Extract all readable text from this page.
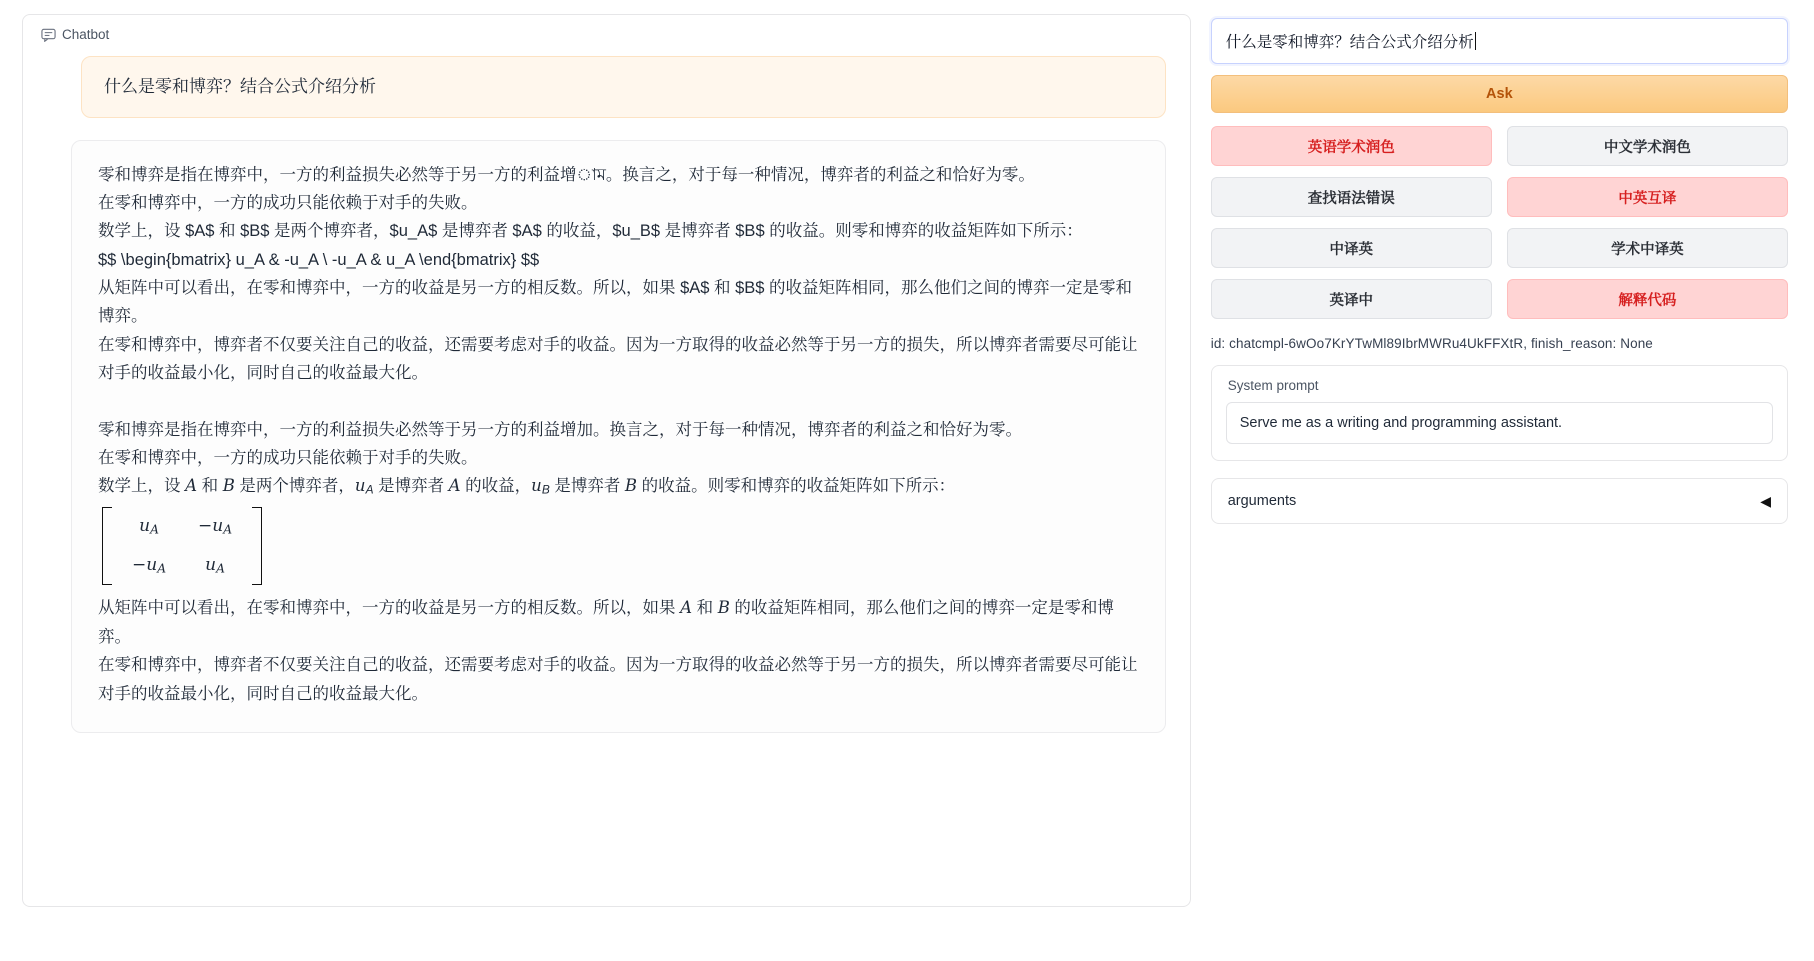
Chatbot
什么是零和博弈？结合公式介绍分析

零和博弈是指在博弈中，一方的利益损失必然等于另一方的利益增াম。换言之，对于每一种情况，博弈者的利益之和恰好为零。

在零和博弈中，一方的成功只能依赖于对手的失败。

数学上，设 $A$ 和 $B$ 是两个博弈者，$u_A$ 是博弈者 $A$ 的收益，$u_B$ 是博弈者 $B$ 的收益。则零和博弈的收益矩阵如下所示：

$$ \begin{bmatrix} u_A & -u_A \ -u_A & u_A \end{bmatrix} $$

从矩阵中可以看出，在零和博弈中，一方的收益是另一方的相反数。所以，如果 $A$ 和 $B$ 的收益矩阵相同，那么他们之间的博弈一定是零和博弈。

在零和博弈中，博弈者不仅要关注自己的收益，还需要考虑对手的收益。因为一方取得的收益必然等于另一方的损失，所以博弈者需要尽可能让对手的收益最小化，同时自己的收益最大化。

零和博弈是指在博弈中，一方的利益损失必然等于另一方的利益增加。换言之，对于每一种情况，博弈者的利益之和恰好为零。

在零和博弈中，一方的成功只能依赖于对手的失败。

数学上，设 A 和 B 是两个博弈者，uA 是博弈者 A 的收益，uB 是博弈者 B 的收益。则零和博弈的收益矩阵如下所示：

uA	−uA
−uA	uA

从矩阵中可以看出，在零和博弈中，一方的收益是另一方的相反数。所以，如果 A 和 B 的收益矩阵相同，那么他们之间的博弈一定是零和博弈。

在零和博弈中，博弈者不仅要关注自己的收益，还需要考虑对手的收益。因为一方取得的收益必然等于另一方的损失，所以博弈者需要尽可能让对手的收益最小化，同时自己的收益最大化。

什么是零和博弈？结合公式介绍分析
Ask
英语学术润色	中文学术润色
查找语法错误	中英互译
中译英	学术中译英
英译中	解释代码
id: chatcmpl-6wOo7KrYTwMl89IbrMWRu4UkFFXtR, finish_reason: None
System prompt
Serve me as a writing and programming assistant.
arguments	◀
